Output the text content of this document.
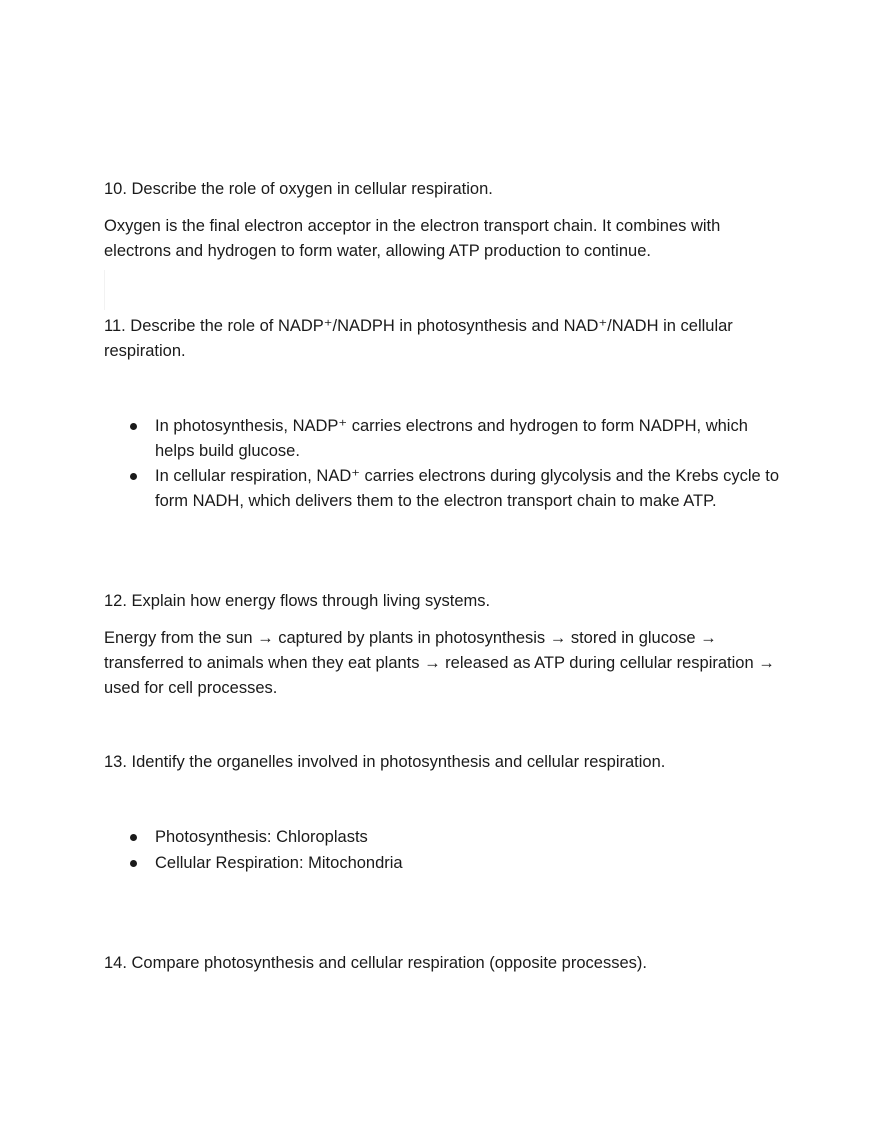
10. Describe the role of oxygen in cellular respiration.

Oxygen is the final electron acceptor in the electron transport chain. It combines with electrons and hydrogen to form water, allowing ATP production to continue.

11. Describe the role of NADP⁺/NADPH in photosynthesis and NAD⁺/NADH in cellular respiration.

In photosynthesis, NADP⁺ carries electrons and hydrogen to form NADPH, which helps build glucose.
In cellular respiration, NAD⁺ carries electrons during glycolysis and the Krebs cycle to form NADH, which delivers them to the electron transport chain to make ATP.

12. Explain how energy flows through living systems.

Energy from the sun → captured by plants in photosynthesis → stored in glucose → transferred to animals when they eat plants → released as ATP during cellular respiration → used for cell processes.

13. Identify the organelles involved in photosynthesis and cellular respiration.

Photosynthesis: Chloroplasts
Cellular Respiration: Mitochondria

14. Compare photosynthesis and cellular respiration (opposite processes).
